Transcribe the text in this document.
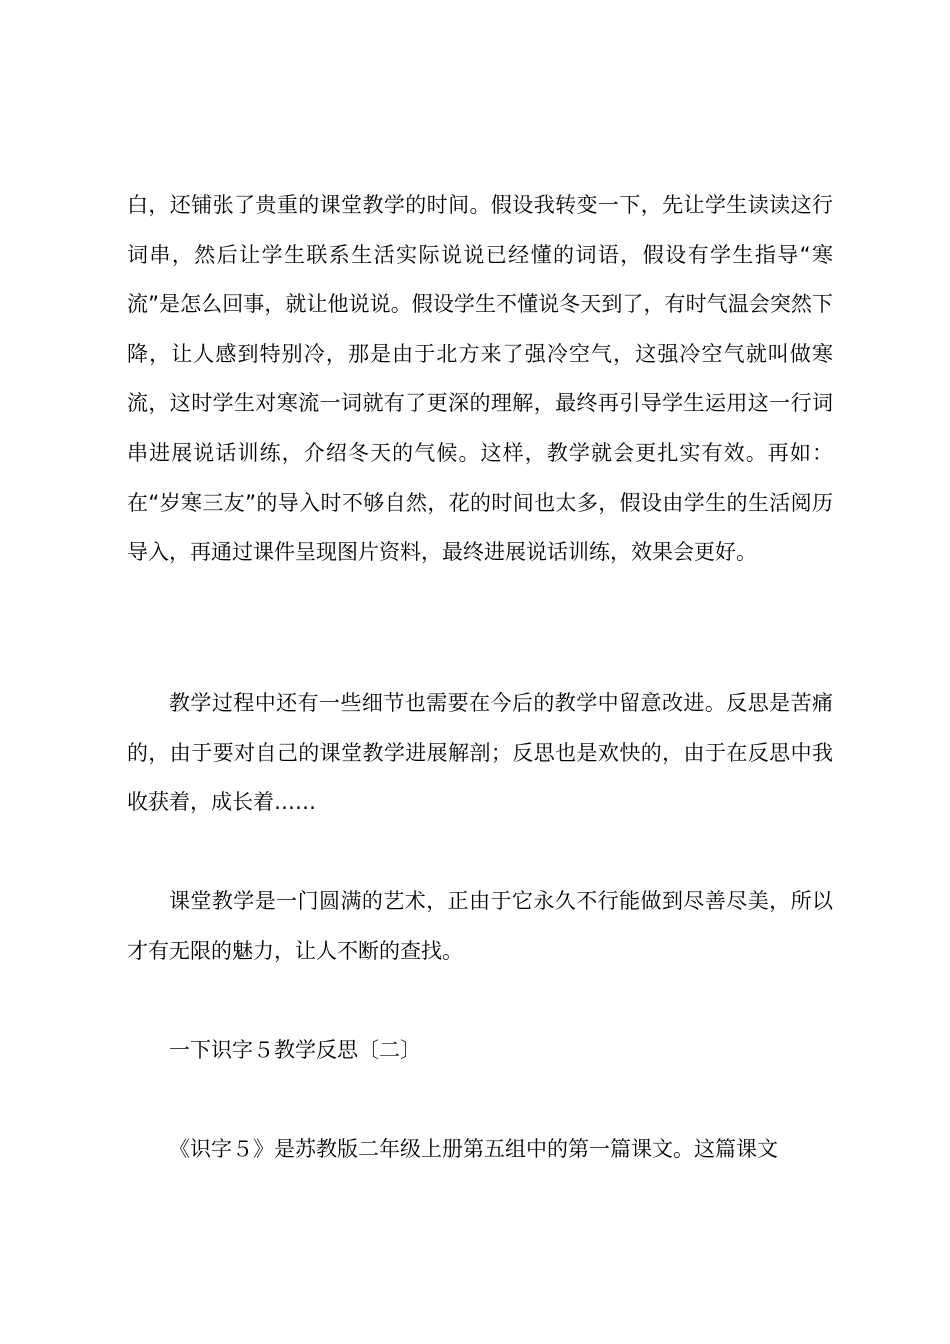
白，还铺张了贵重的课堂教学的时间。假设我转变一下，先让学生读读这行词串，然后让学生联系生活实际说说已经懂的词语，假设有学生指导“寒流”是怎么回事，就让他说说。假设学生不懂说冬天到了，有时气温会突然下降，让人感到特别冷，那是由于北方来了强冷空气，这强冷空气就叫做寒流，这时学生对寒流一词就有了更深的理解，最终再引导学生运用这一行词串进展说话训练，介绍冬天的气候。这样，教学就会更扎实有效。再如：在“岁寒三友”的导入时不够自然，花的时间也太多，假设由学生的生活阅历导入，再通过课件呈现图片资料，最终进展说话训练，效果会更好。

教学过程中还有一些细节也需要在今后的教学中留意改进。反思是苦痛的，由于要对自己的课堂教学进展解剖；反思也是欢快的，由于在反思中我收获着，成长着……

课堂教学是一门圆满的艺术，正由于它永久不行能做到尽善尽美，所以才有无限的魅力，让人不断的查找。

一下识字５教学反思〔二〕

《识字５》是苏教版二年级上册第五组中的第一篇课文。这篇课文
